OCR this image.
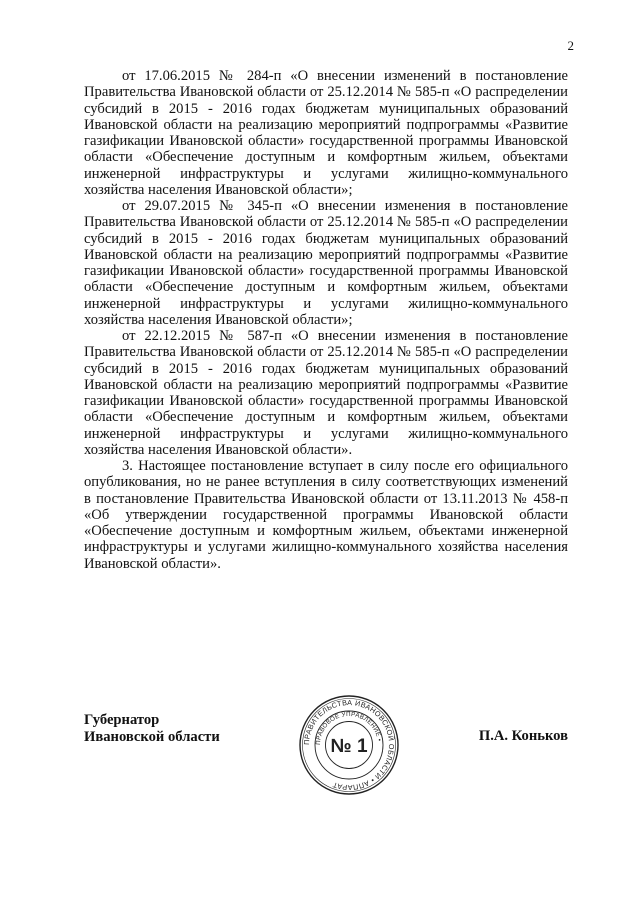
2

от 17.06.2015 № 284-п «О внесении изменений в постановление Правительства Ивановской области от 25.12.2014 № 585-п «О распределении субсидий в 2015 - 2016 годах бюджетам муниципальных образований Ивановской области на реализацию мероприятий подпрограммы «Развитие газификации Ивановской области» государственной программы Ивановской области «Обеспечение доступным и комфортным жильем, объектами инженерной инфраструктуры и услугами жилищно-коммунального хозяйства населения Ивановской области»;

от 29.07.2015 № 345-п «О внесении изменения в постановление Правительства Ивановской области от 25.12.2014 № 585-п «О распределении субсидий в 2015 - 2016 годах бюджетам муниципальных образований Ивановской области на реализацию мероприятий подпрограммы «Развитие газификации Ивановской области» государственной программы Ивановской области «Обеспечение доступным и комфортным жильем, объектами инженерной инфраструктуры и услугами жилищно-коммунального хозяйства населения Ивановской области»;

от 22.12.2015 № 587-п «О внесении изменения в постановление Правительства Ивановской области от 25.12.2014 № 585-п «О распределении субсидий в 2015 - 2016 годах бюджетам муниципальных образований Ивановской области на реализацию мероприятий подпрограммы «Развитие газификации Ивановской области» государственной программы Ивановской области «Обеспечение доступным и комфортным жильем, объектами инженерной инфраструктуры и услугами жилищно-коммунального хозяйства населения Ивановской области».

3. Настоящее постановление вступает в силу после его официального опубликования, но не ранее вступления в силу соответствующих изменений в постановление Правительства Ивановской области от 13.11.2013 № 458-п «Об утверждении государственной программы Ивановской области «Обеспечение доступным и комфортным жильем, объектами инженерной инфраструктуры и услугами жилищно-коммунального хозяйства населения Ивановской области».

Губернатор
Ивановской области	ПРАВИТЕЛЬСТВА ИВАНОВСКОЙ ОБЛАСТИ • АППАРАТ
ПРАВОВОЕ УПРАВЛЕНИЕ •
№ 1	П.А. Коньков
